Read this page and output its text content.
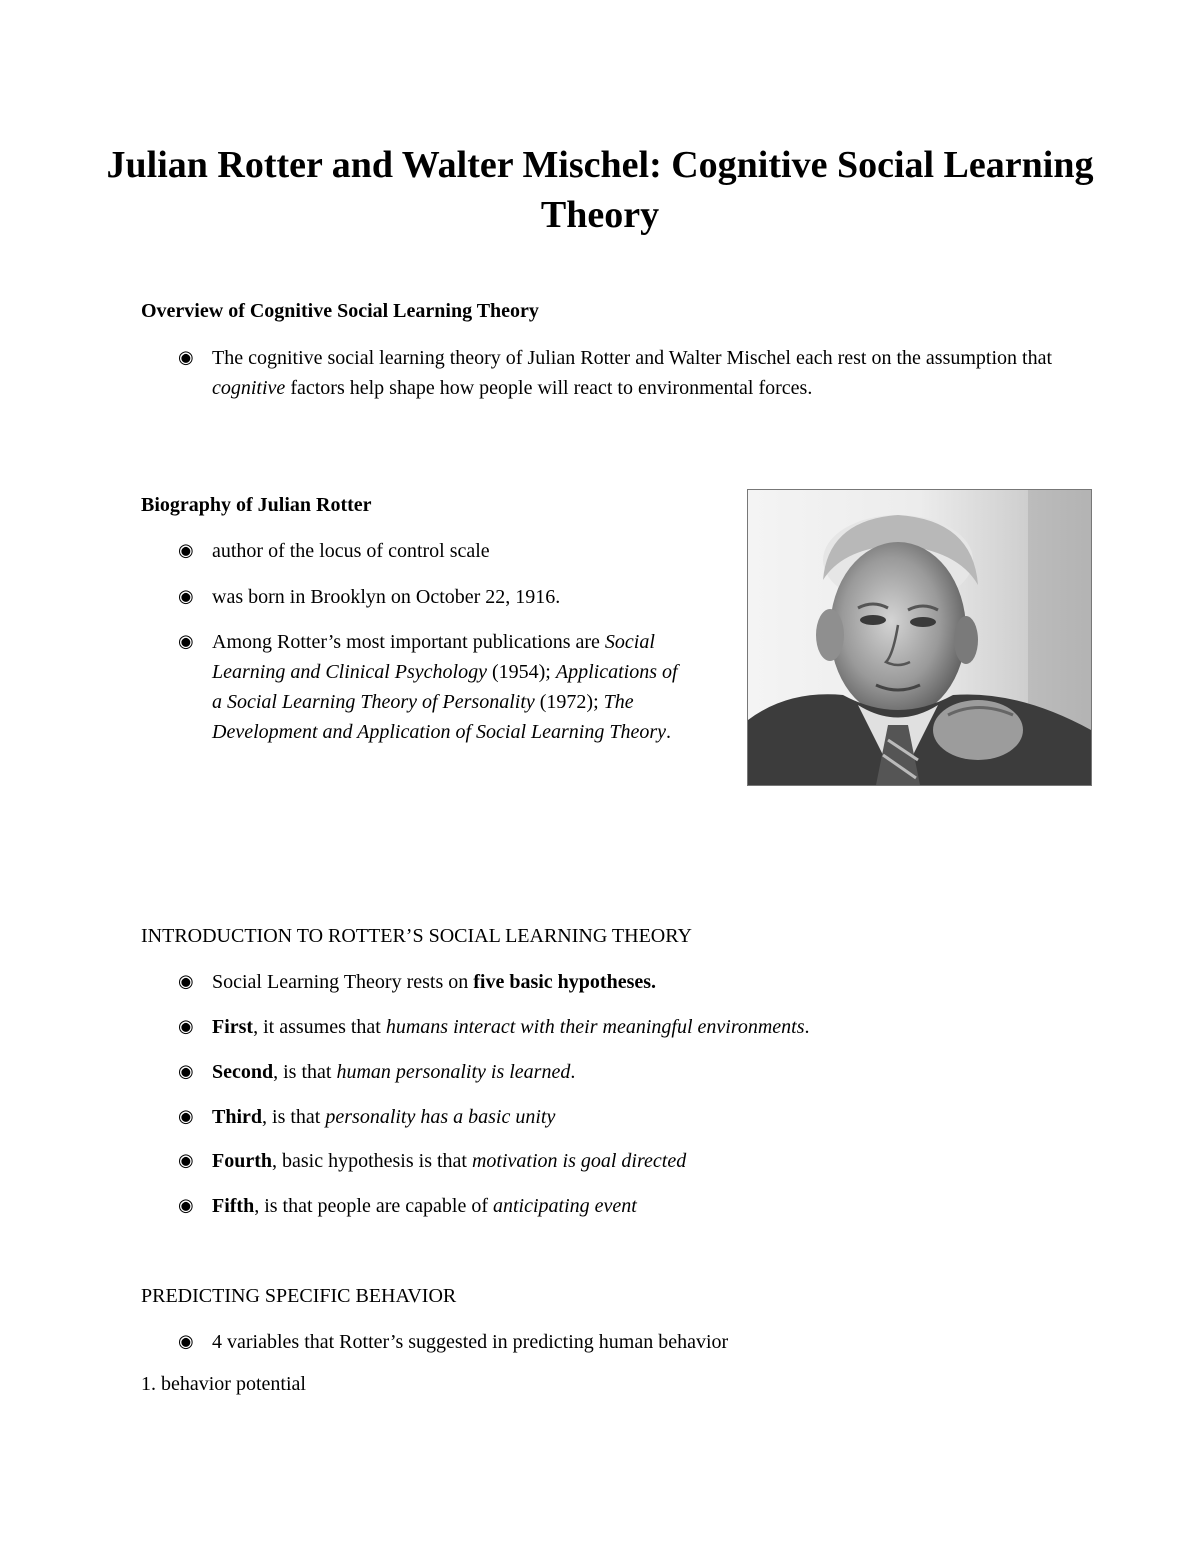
Julian Rotter and Walter Mischel: Cognitive Social Learning Theory

Overview of Cognitive Social Learning Theory

◉ The cognitive social learning theory of Julian Rotter and Walter Mischel each rest on the assumption that cognitive factors help shape how people will react to environmental forces.

Biography of Julian Rotter

◉ author of the locus of control scale
◉ was born in Brooklyn on October 22, 1916.
◉ Among Rotter’s most important publications are Social Learning and Clinical Psychology (1954); Applications of a Social Learning Theory of Personality (1972); The Development and Application of Social Learning Theory.

INTRODUCTION TO ROTTER’S SOCIAL LEARNING THEORY

◉ Social Learning Theory rests on five basic hypotheses.
◉ First, it assumes that humans interact with their meaningful environments.
◉ Second, is that human personality is learned.
◉ Third, is that personality has a basic unity
◉ Fourth, basic hypothesis is that motivation is goal directed
◉ Fifth, is that people are capable of anticipating event

PREDICTING SPECIFIC BEHAVIOR

◉ 4 variables that Rotter’s suggested in predicting human behavior

1. behavior potential
